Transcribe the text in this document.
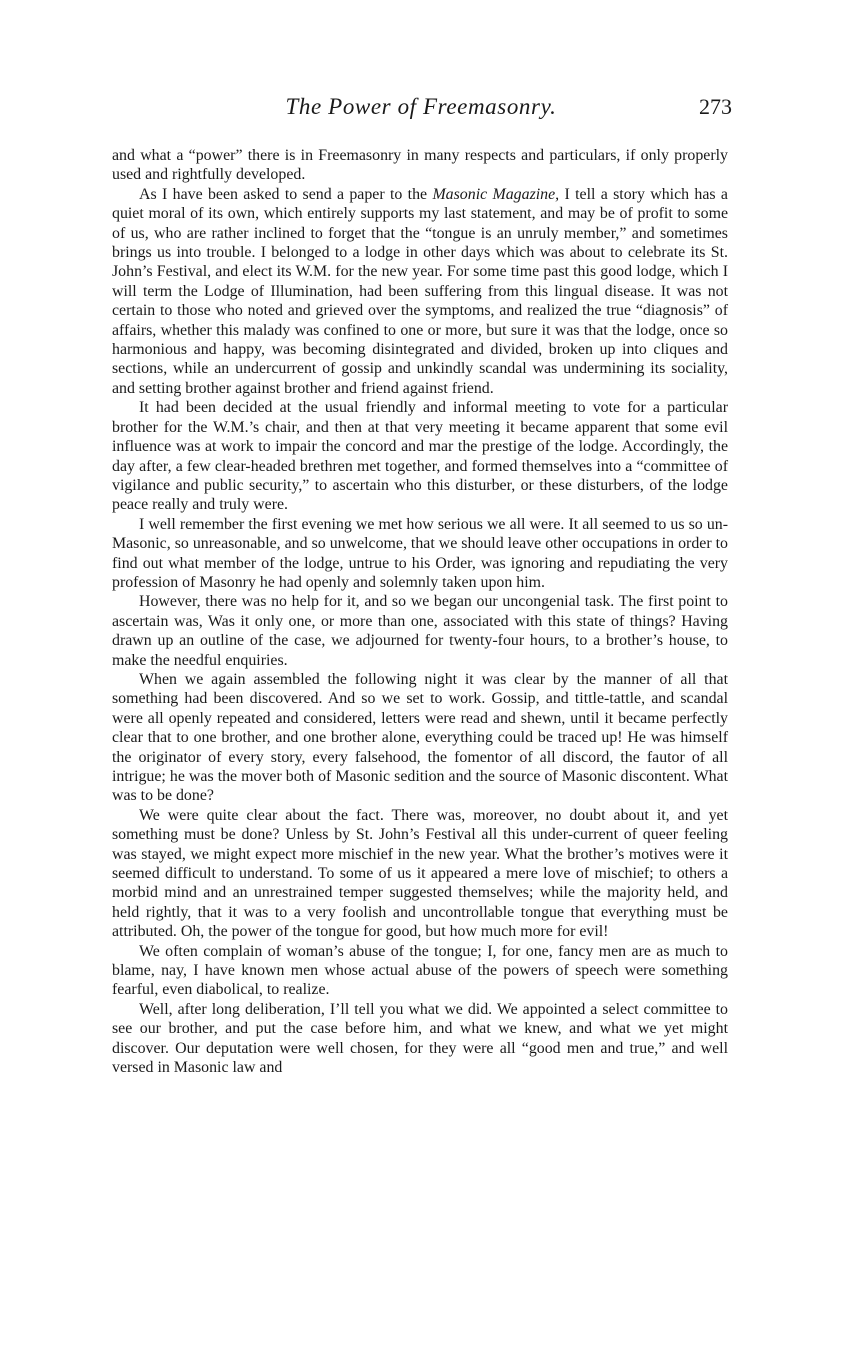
The Power of Freemasonry.	273

and what a “power” there is in Freemasonry in many respects and particulars, if only properly used and rightfully developed.

As I have been asked to send a paper to the Masonic Magazine, I tell a story which has a quiet moral of its own, which entirely supports my last statement, and may be of profit to some of us, who are rather inclined to forget that the “tongue is an unruly member,” and sometimes brings us into trouble. I belonged to a lodge in other days which was about to celebrate its St. John’s Festival, and elect its W.M. for the new year. For some time past this good lodge, which I will term the Lodge of Illumination, had been suffering from this lingual disease. It was not certain to those who noted and grieved over the symptoms, and realized the true “diagnosis” of affairs, whether this malady was confined to one or more, but sure it was that the lodge, once so harmonious and happy, was becoming disintegrated and divided, broken up into cliques and sections, while an undercurrent of gossip and unkindly scandal was undermining its sociality, and setting brother against brother and friend against friend.

It had been decided at the usual friendly and informal meeting to vote for a particular brother for the W.M.’s chair, and then at that very meeting it became apparent that some evil influence was at work to impair the concord and mar the prestige of the lodge. Accordingly, the day after, a few clear-headed brethren met together, and formed themselves into a “committee of vigilance and public security,” to ascertain who this disturber, or these disturbers, of the lodge peace really and truly were.

I well remember the first evening we met how serious we all were. It all seemed to us so un-Masonic, so unreasonable, and so unwelcome, that we should leave other occupations in order to find out what member of the lodge, untrue to his Order, was ignoring and repudiating the very profession of Masonry he had openly and solemnly taken upon him.

However, there was no help for it, and so we began our uncongenial task. The first point to ascertain was, Was it only one, or more than one, associated with this state of things? Having drawn up an outline of the case, we adjourned for twenty-four hours, to a brother’s house, to make the needful enquiries.

When we again assembled the following night it was clear by the manner of all that something had been discovered. And so we set to work. Gossip, and tittle-tattle, and scandal were all openly repeated and considered, letters were read and shewn, until it became perfectly clear that to one brother, and one brother alone, everything could be traced up! He was himself the originator of every story, every falsehood, the fomentor of all discord, the fautor of all intrigue; he was the mover both of Masonic sedition and the source of Masonic discontent. What was to be done?

We were quite clear about the fact. There was, moreover, no doubt about it, and yet something must be done? Unless by St. John’s Festival all this under-current of queer feeling was stayed, we might expect more mischief in the new year. What the brother’s motives were it seemed difficult to understand. To some of us it appeared a mere love of mischief; to others a morbid mind and an unrestrained temper suggested themselves; while the majority held, and held rightly, that it was to a very foolish and uncontrollable tongue that everything must be attributed. Oh, the power of the tongue for good, but how much more for evil!

We often complain of woman’s abuse of the tongue; I, for one, fancy men are as much to blame, nay, I have known men whose actual abuse of the powers of speech were something fearful, even diabolical, to realize.

Well, after long deliberation, I’ll tell you what we did. We appointed a select committee to see our brother, and put the case before him, and what we knew, and what we yet might discover. Our deputation were well chosen, for they were all “good men and true,” and well versed in Masonic law and
